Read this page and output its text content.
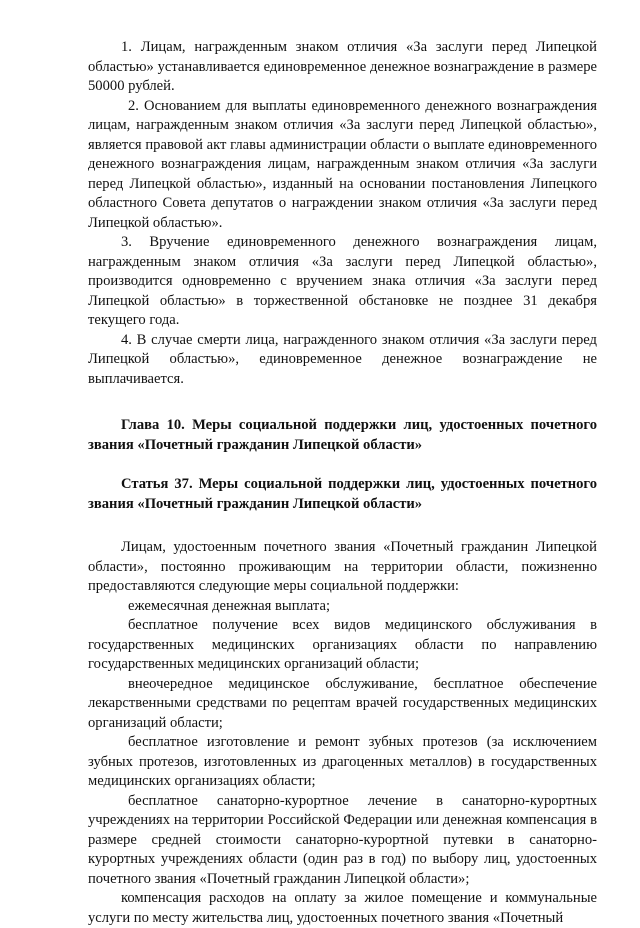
1. Лицам, награжденным знаком отличия «За заслуги перед Липецкой областью» устанавливается единовременное денежное вознаграждение в размере 50000 рублей.

2. Основанием для выплаты единовременного денежного вознаграждения лицам, награжденным знаком отличия «За заслуги перед Липецкой областью», является правовой акт главы администрации области о выплате единовременного денежного вознаграждения лицам, награжденным знаком отличия «За заслуги перед Липецкой областью», изданный на основании постановления Липецкого областного Совета депутатов о награждении знаком отличия «За заслуги перед Липецкой областью».

3. Вручение единовременного денежного вознаграждения лицам, награжденным знаком отличия «За заслуги перед Липецкой областью», производится одновременно с вручением знака отличия «За заслуги перед Липецкой областью» в торжественной обстановке не позднее 31 декабря текущего года.

4. В случае смерти лица, награжденного знаком отличия «За заслуги перед Липецкой областью», единовременное денежное вознаграждение не выплачивается.

Глава 10. Меры социальной поддержки лиц, удостоенных почетного звания «Почетный гражданин Липецкой области»

Статья 37. Меры социальной поддержки лиц, удостоенных почетного звания «Почетный гражданин Липецкой области»

Лицам, удостоенным почетного звания «Почетный гражданин Липецкой области», постоянно проживающим на территории области, пожизненно предоставляются следующие меры социальной поддержки:

ежемесячная денежная выплата;

бесплатное получение всех видов медицинского обслуживания в государственных медицинских организациях области по направлению государственных медицинских организаций области;

внеочередное медицинское обслуживание, бесплатное обеспечение лекарственными средствами по рецептам врачей государственных медицинских организаций области;

бесплатное изготовление и ремонт зубных протезов (за исключением зубных протезов, изготовленных из драгоценных металлов) в государственных медицинских организациях области;

бесплатное санаторно-курортное лечение в санаторно-курортных учреждениях на территории Российской Федерации или денежная компенсация в размере средней стоимости санаторно-курортной путевки в санаторно-курортных учреждениях области (один раз в год) по выбору лиц, удостоенных почетного звания «Почетный гражданин Липецкой области»;

компенсация расходов на оплату за жилое помещение и коммунальные услуги по месту жительства лиц, удостоенных почетного звания «Почетный
